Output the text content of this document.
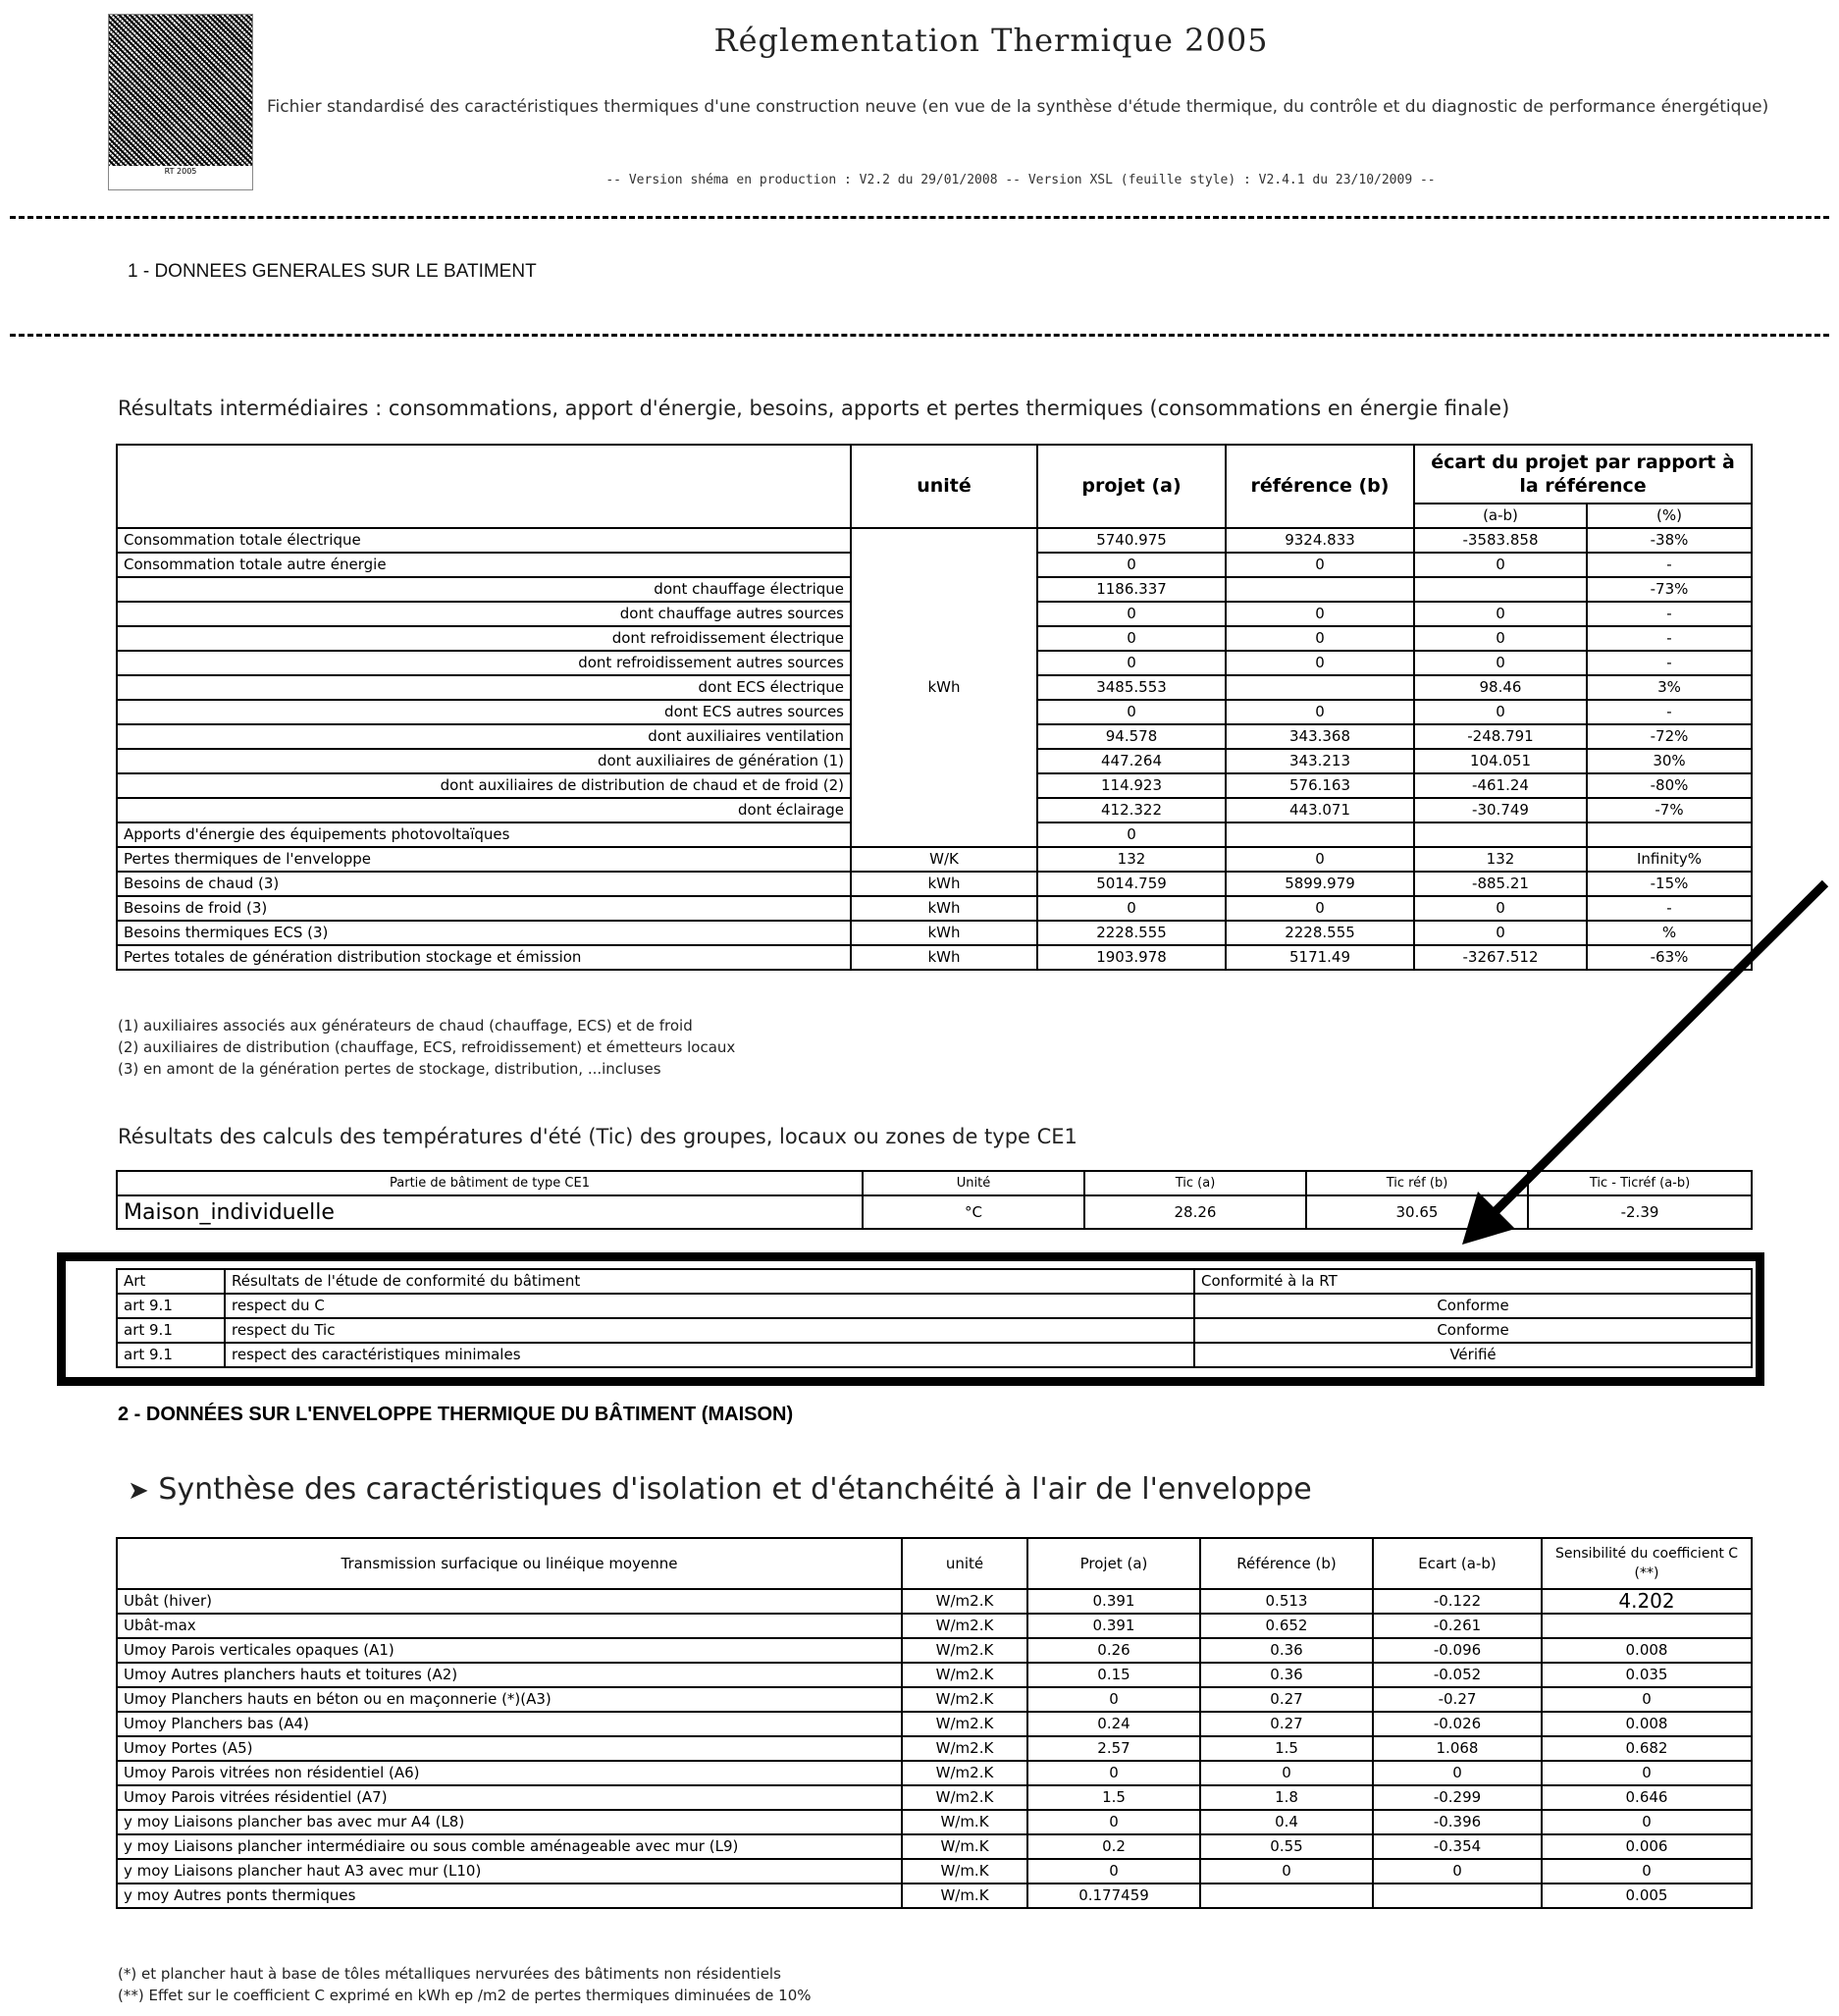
RT 2005
Réglementation Thermique 2005
Fichier standardisé des caractéristiques thermiques d'une construction neuve (en vue de la synthèse d'étude thermique, du contrôle et du diagnostic de performance énergétique)
-- Version shéma en production : V2.2 du 29/01/2008 -- Version XSL (feuille style) : V2.4.1 du 23/10/2009 --
1 - DONNEES GENERALES SUR LE BATIMENT
Résultats intermédiaires : consommations, apport d'énergie, besoins, apports et pertes thermiques (consommations en énergie finale)
	unité	projet (a)	référence (b)	écart du projet par rapport à la référence	
				(a-b)	(%)
Consommation totale électrique	kWh	5740.975	9324.833	-3583.858	-38%
Consommation totale autre énergie		0	0	0	-
dont chauffage électrique		1186.337			-73%
dont chauffage autres sources		0	0	0	-
dont refroidissement électrique		0	0	0	-
dont refroidissement autres sources		0	0	0	-
dont ECS électrique		3485.553		98.46	3%
dont ECS autres sources		0	0	0	-
dont auxiliaires ventilation		94.578	343.368	-248.791	-72%
dont auxiliaires de génération (1)		447.264	343.213	104.051	30%
dont auxiliaires de distribution de chaud et de froid (2)		114.923	576.163	-461.24	-80%
dont éclairage		412.322	443.071	-30.749	-7%
Apports d'énergie des équipements photovoltaïques		0			
Pertes thermiques de l'enveloppe	W/K	132	0	132	Infinity%
Besoins de chaud (3)	kWh	5014.759	5899.979	-885.21	-15%
Besoins de froid (3)	kWh	0	0	0	-
Besoins thermiques ECS (3)	kWh	2228.555	2228.555	0	%
Pertes totales de génération distribution stockage et émission	kWh	1903.978	5171.49	-3267.512	-63%
(1) auxiliaires associés aux générateurs de chaud (chauffage, ECS) et de froid
(2) auxiliaires de distribution (chauffage, ECS, refroidissement) et émetteurs locaux
(3) en amont de la génération pertes de stockage, distribution, ...incluses
Résultats des calculs des températures d'été (Tic) des groupes, locaux ou zones de type CE1
Partie de bâtiment de type CE1	Unité	Tic (a)	Tic réf (b)	Tic - Ticréf (a-b)
Maison_individuelle	°C	28.26	30.65	-2.39
Art	Résultats de l'étude de conformité du bâtiment	Conformité à la RT
art 9.1	respect du C	Conforme
art 9.1	respect du Tic	Conforme
art 9.1	respect des caractéristiques minimales	Vérifié
2 - DONNÉES SUR L'ENVELOPPE THERMIQUE DU BÂTIMENT (MAISON)
➤ Synthèse des caractéristiques d'isolation et d'étanchéité à l'air de l'enveloppe
Transmission surfacique ou linéique moyenne	unité	Projet (a)	Référence (b)	Ecart (a-b)	Sensibilité du coefficient C (**)
Ubât (hiver)	W/m2.K	0.391	0.513	-0.122	4.202
Ubât-max	W/m2.K	0.391	0.652	-0.261	
Umoy Parois verticales opaques (A1)	W/m2.K	0.26	0.36	-0.096	0.008
Umoy Autres planchers hauts et toitures (A2)	W/m2.K	0.15	0.36	-0.052	0.035
Umoy Planchers hauts en béton ou en maçonnerie (*)(A3)	W/m2.K	0	0.27	-0.27	0
Umoy Planchers bas (A4)	W/m2.K	0.24	0.27	-0.026	0.008
Umoy Portes (A5)	W/m2.K	2.57	1.5	1.068	0.682
Umoy Parois vitrées non résidentiel (A6)	W/m2.K	0	0	0	0
Umoy Parois vitrées résidentiel (A7)	W/m2.K	1.5	1.8	-0.299	0.646
y moy Liaisons plancher bas avec mur A4 (L8)	W/m.K	0	0.4	-0.396	0
y moy Liaisons plancher intermédiaire ou sous comble aménageable avec mur (L9)	W/m.K	0.2	0.55	-0.354	0.006
y moy Liaisons plancher haut A3 avec mur (L10)	W/m.K	0	0	0	0
y moy Autres ponts thermiques	W/m.K	0.177459			0.005
(*) et plancher haut à base de tôles métalliques nervurées des bâtiments non résidentiels
(**) Effet sur le coefficient C exprimé en kWh ep /m2 de pertes thermiques diminuées de 10%
